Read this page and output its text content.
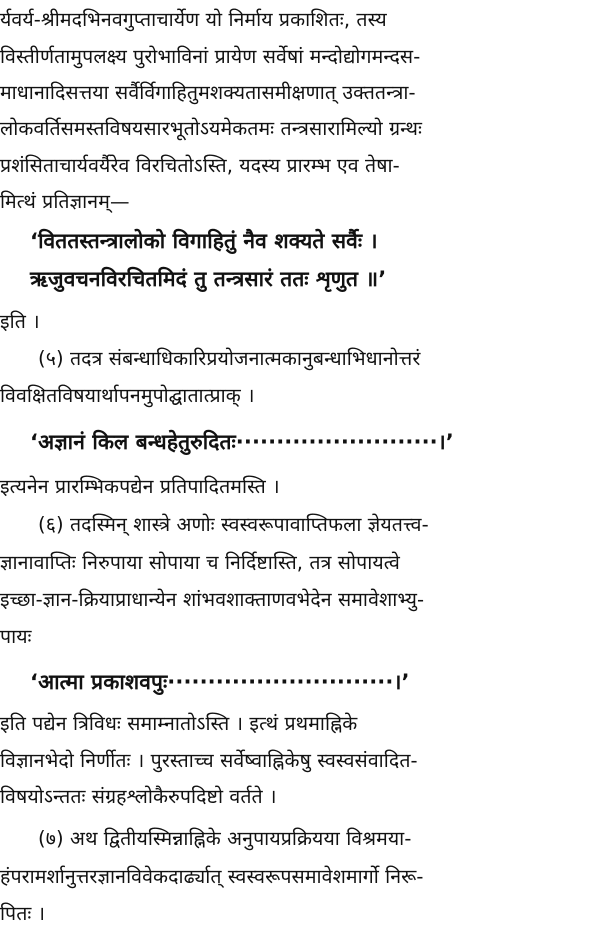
र्यवर्य-श्रीमदभिनवगुप्ताचार्येण यो निर्माय प्रकाशितः, तस्य
विस्तीर्णतामुपलक्ष्य पुरोभाविनां प्रायेण सर्वेषां मन्दोद्योगमन्दस-
माधानादिसत्तया सर्वैर्विगाहितुमशक्यतासमीक्षणात् उक्ततन्त्रा-
लोकवर्तिसमस्तविषयसारभूतोऽयमेकतमः तन्त्रसारामिल्यो ग्रन्थः
प्रशंसिताचार्यवर्यैरेव विरचितोऽस्ति, यदस्य प्रारम्भ एव तेषा-
मित्थं प्रतिज्ञानम्—
‘विततस्तन्त्रालोको विगाहितुं नैव शक्यते सर्वैः ।
ऋजुवचनविरचितमिदं तु तन्त्रसारं ततः शृणुत ॥’
इति ।
(५) तदत्र संबन्धाधिकारिप्रयोजनात्मकानुबन्धाभिधानोत्तरं
विवक्षितविषयार्थापनमुपोद्घातात्प्राक् ।
‘अज्ञानं किल बन्धहेतुरुदितः·························।’
इत्यनेन प्रारम्भिकपद्येन प्रतिपादितमस्ति ।
(६) तदस्मिन् शास्त्रे अणोः स्वस्वरूपावाप्तिफला ज्ञेयतत्त्व-
ज्ञानावाप्तिः निरुपाया सोपाया च निर्दिष्टास्ति, तत्र सोपायत्वे
इच्छा-ज्ञान-क्रियाप्राधान्येन शांभवशाक्ताणवभेदेन समावेशाभ्यु-
पायः
‘आत्मा प्रकाशवपुः····························।’
इति पद्येन त्रिविधः समाम्नातोऽस्ति । इत्थं प्रथमाह्निके
विज्ञानभेदो निर्णीतः । पुरस्ताच्च सर्वेष्वाह्निकेषु स्वस्वसंवादित-
विषयोऽन्ततः संग्रहश्लोकैरुपदिष्टो वर्तते ।
(७) अथ द्वितीयस्मिन्नाह्निके अनुपायप्रक्रियया विश्रमया-
हंपरामर्शानुत्तरज्ञानविवेकदार्ढ्यात् स्वस्वरूपसमावेशमार्गो निरू-
पितः ।
